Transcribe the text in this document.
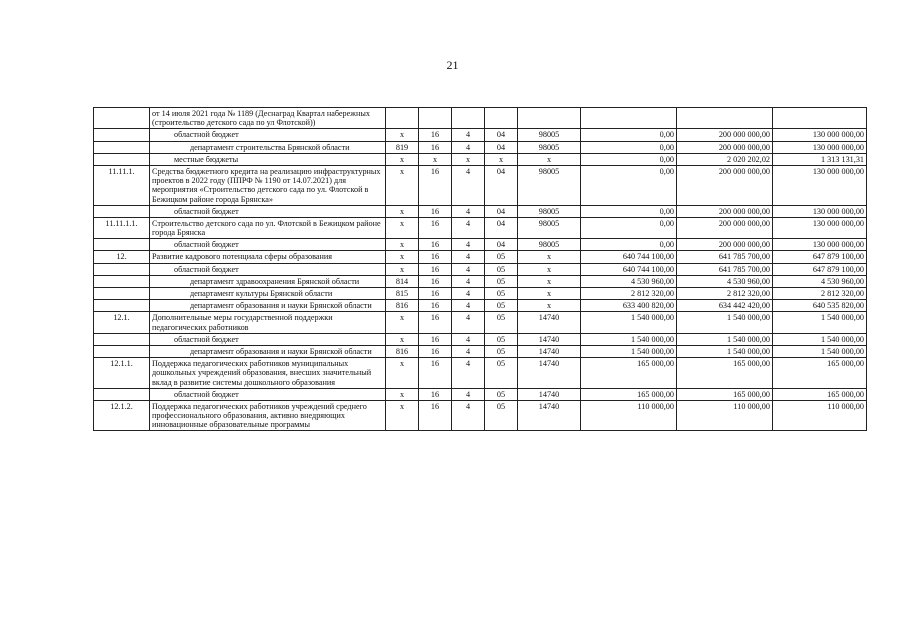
21
	от 14 июля 2021 года № 1189 (Деснаград Квартал набережных (строительство детского сада по ул Флотской))								

	областной бюджет	x	16	4	04	98005	0,00	200 000 000,00	130 000 000,00

	департамент строительства Брянской области	819	16	4	04	98005	0,00	200 000 000,00	130 000 000,00

	местные бюджеты	x	x	x	x	x	0,00	2 020 202,02	1 313 131,31
11.11.1.	Средства бюджетного кредита на реализацию инфраструктурных проектов в 2022 году (ППРФ № 1190 от 14.07.2021) для мероприятия «Строительство детского сада по ул. Флотской в Бежицком районе города Брянска»	x	16	4	04	98005	0,00	200 000 000,00	130 000 000,00

	областной бюджет	x	16	4	04	98005	0,00	200 000 000,00	130 000 000,00
11.11.1.1.	Строительство детского сада по ул. Флотской в Бежицком районе города Брянска	x	16	4	04	98005	0,00	200 000 000,00	130 000 000,00

	областной бюджет	x	16	4	04	98005	0,00	200 000 000,00	130 000 000,00
12.	Развитие кадрового потенциала сферы образования	x	16	4	05	x	640 744 100,00	641 785 700,00	647 879 100,00

	областной бюджет	x	16	4	05	x	640 744 100,00	641 785 700,00	647 879 100,00

	департамент здравоохранения Брянской области	814	16	4	05	x	4 530 960,00	4 530 960,00	4 530 960,00

	департамент культуры Брянской области	815	16	4	05	x	2 812 320,00	2 812 320,00	2 812 320,00

	департамент образования и науки Брянской области	816	16	4	05	x	633 400 820,00	634 442 420,00	640 535 820,00
12.1.	Дополнительные меры государственной поддержки педагогических работников	x	16	4	05	14740	1 540 000,00	1 540 000,00	1 540 000,00

	областной бюджет	x	16	4	05	14740	1 540 000,00	1 540 000,00	1 540 000,00

	департамент образования и науки Брянской области	816	16	4	05	14740	1 540 000,00	1 540 000,00	1 540 000,00
12.1.1.	Поддержка педагогических работников муниципальных дошкольных учреждений образования, внесших значительный вклад в развитие системы дошкольного образования	x	16	4	05	14740	165 000,00	165 000,00	165 000,00

	областной бюджет	x	16	4	05	14740	165 000,00	165 000,00	165 000,00
12.1.2.	Поддержка педагогических работников учреждений среднего профессионального образования, активно внедряющих инновационные образовательные программы	x	16	4	05	14740	110 000,00	110 000,00	110 000,00
